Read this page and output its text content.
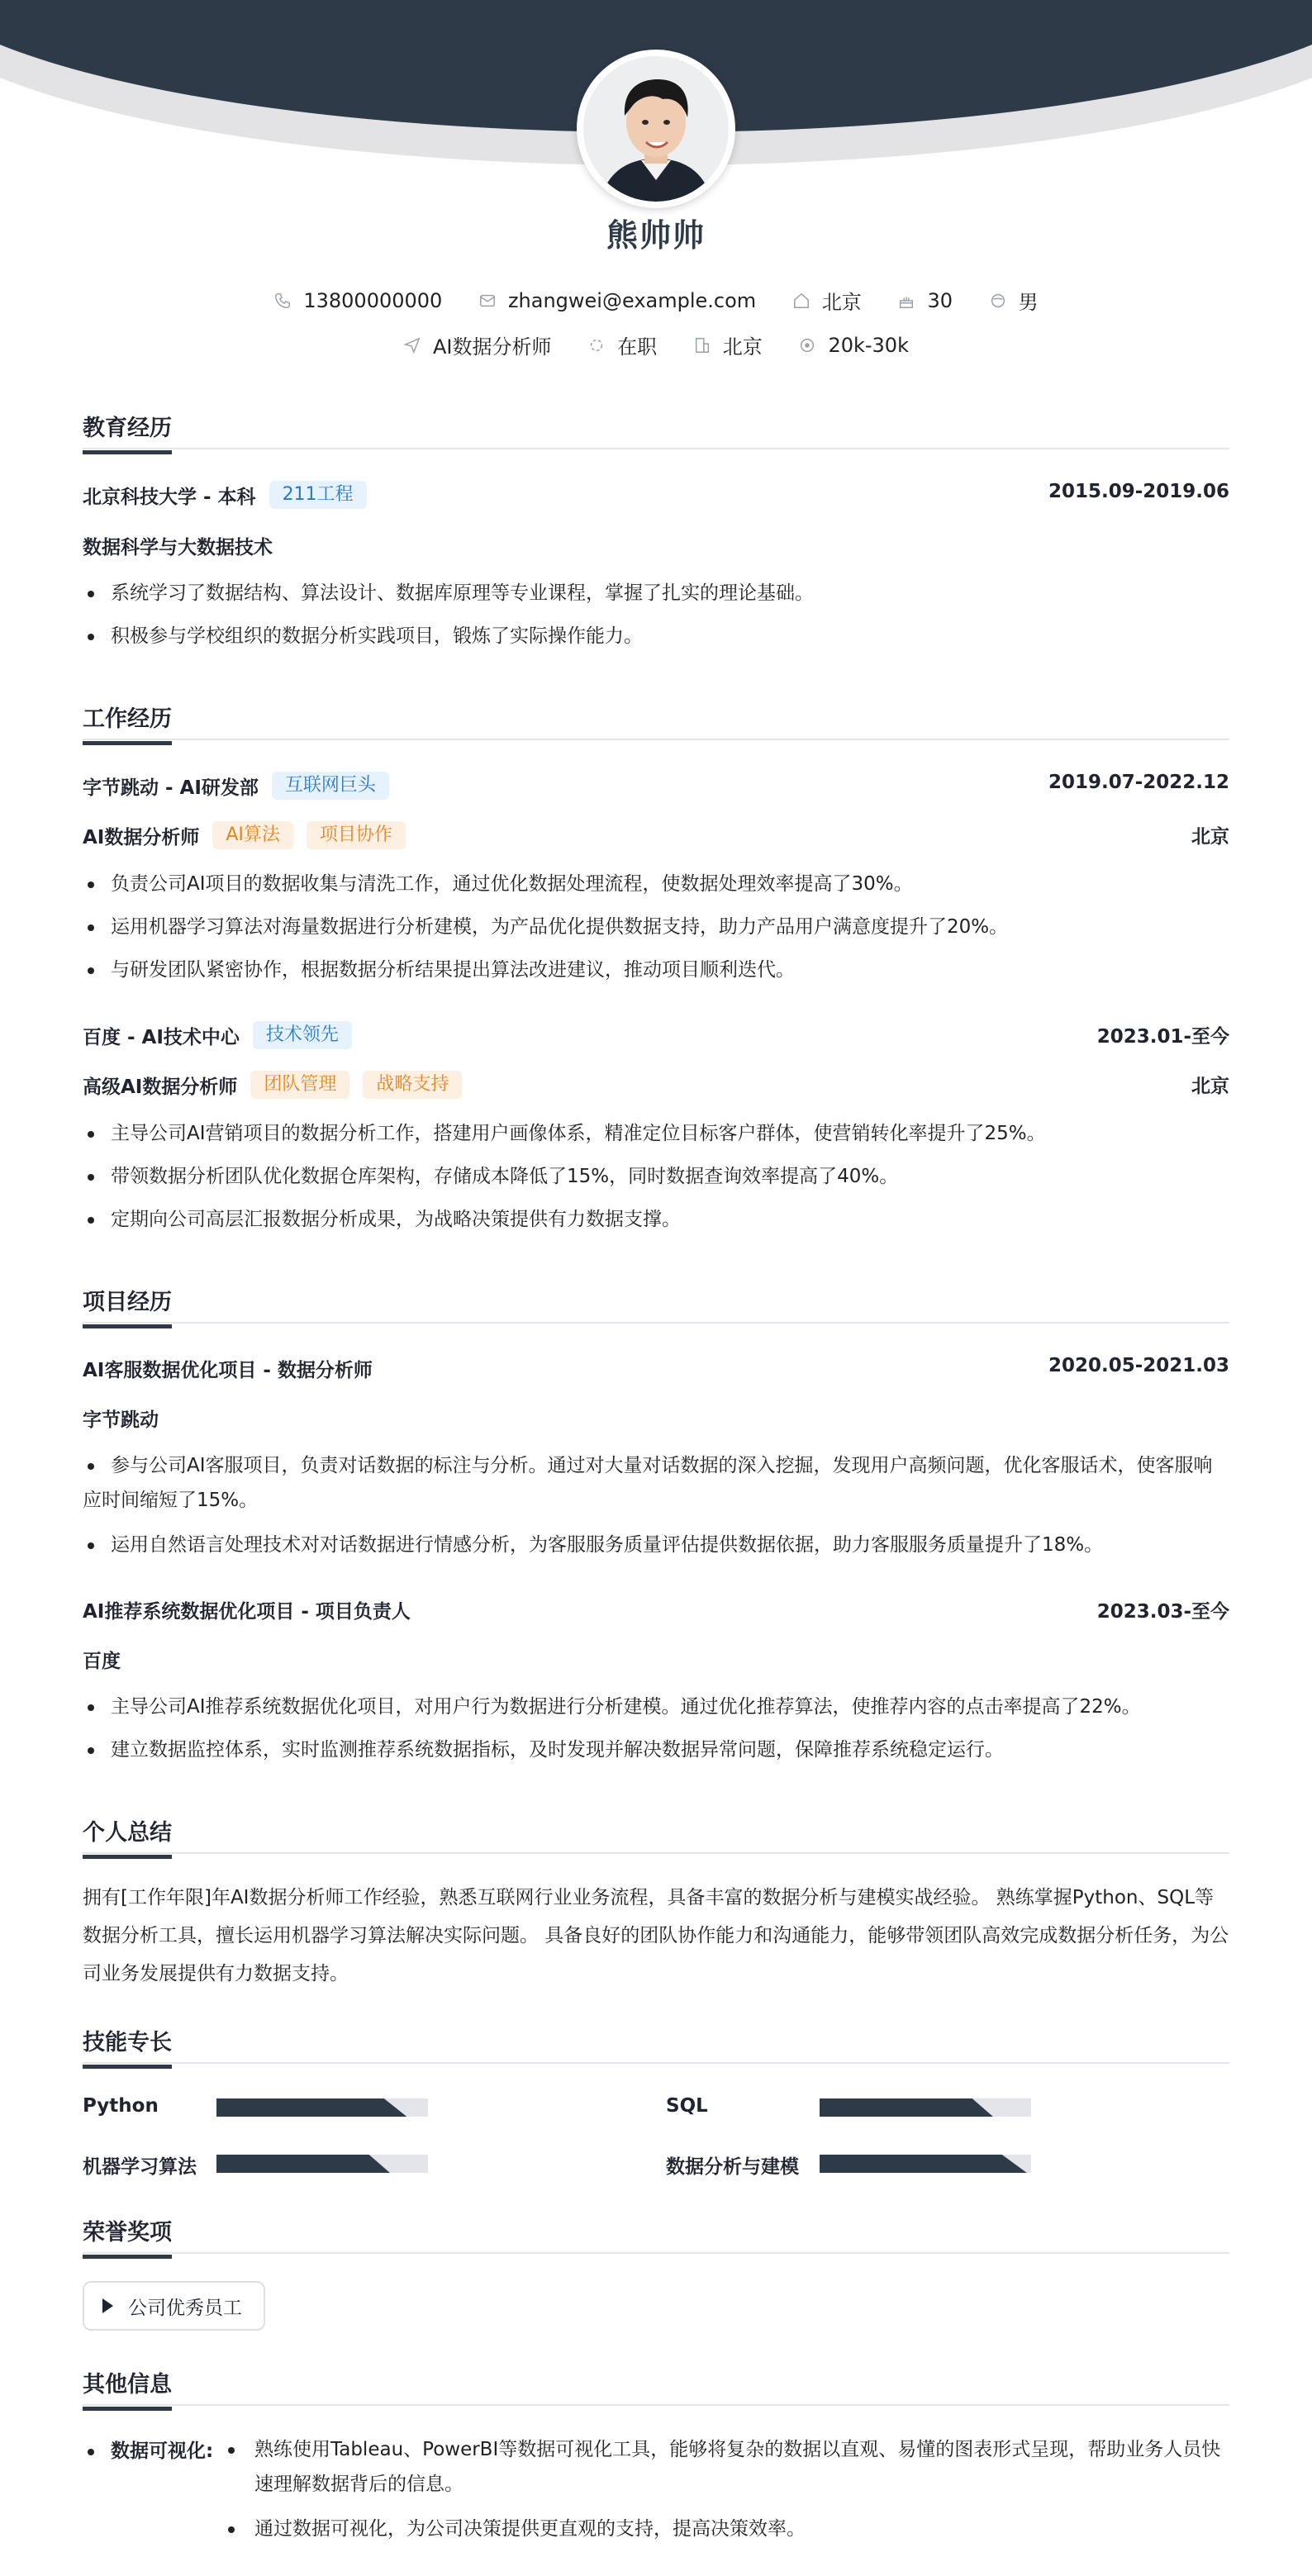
熊帅帅
13800000000
	zhangwei@example.com
	北京
	30
	男
AI数据分析师
	在职
	北京
	20k-30k
教育经历
北京科技大学 - 本科	211工程	2015.09-2019.06
数据科学与大数据技术
系统学习了数据结构、算法设计、数据库原理等专业课程，掌握了扎实的理论基础。
积极参与学校组织的数据分析实践项目，锻炼了实际操作能力。
工作经历
字节跳动 - AI研发部	互联网巨头	2019.07-2022.12
AI数据分析师	AI算法	项目协作	北京
负责公司AI项目的数据收集与清洗工作，通过优化数据处理流程，使数据处理效率提高了30%。
运用机器学习算法对海量数据进行分析建模，为产品优化提供数据支持，助力产品用户满意度提升了20%。
与研发团队紧密协作，根据数据分析结果提出算法改进建议，推动项目顺利迭代。
百度 - AI技术中心	技术领先	2023.01-至今
高级AI数据分析师	团队管理	战略支持	北京
主导公司AI营销项目的数据分析工作，搭建用户画像体系，精准定位目标客户群体，使营销转化率提升了25%。
带领数据分析团队优化数据仓库架构，存储成本降低了15%，同时数据查询效率提高了40%。
定期向公司高层汇报数据分析成果，为战略决策提供有力数据支撑。
项目经历
AI客服数据优化项目 - 数据分析师	2020.05-2021.03
字节跳动
参与公司AI客服项目，负责对话数据的标注与分析。通过对大量对话数据的深入挖掘，发现用户高频问题，优化客服话术，使客服响应时间缩短了15%。
运用自然语言处理技术对对话数据进行情感分析，为客服服务质量评估提供数据依据，助力客服服务质量提升了18%。
AI推荐系统数据优化项目 - 项目负责人	2023.03-至今
百度
主导公司AI推荐系统数据优化项目，对用户行为数据进行分析建模。通过优化推荐算法，使推荐内容的点击率提高了22%。
建立数据监控体系，实时监测推荐系统数据指标，及时发现并解决数据异常问题，保障推荐系统稳定运行。
个人总结
拥有[工作年限]年AI数据分析师工作经验，熟悉互联网行业业务流程，具备丰富的数据分析与建模实战经验。 熟练掌握Python、SQL等数据分析工具，擅长运用机器学习算法解决实际问题。 具备良好的团队协作能力和沟通能力，能够带领团队高效完成数据分析任务，为公司业务发展提供有力数据支持。
技能专长
Python	SQL
机器学习算法	数据分析与建模
荣誉奖项
公司优秀员工
其他信息
数据可视化:	熟练使用Tableau、PowerBI等数据可视化工具，能够将复杂的数据以直观、易懂的图表形式呈现，帮助业务人员快速理解数据背后的信息。
通过数据可视化，为公司决策提供更直观的支持，提高决策效率。
